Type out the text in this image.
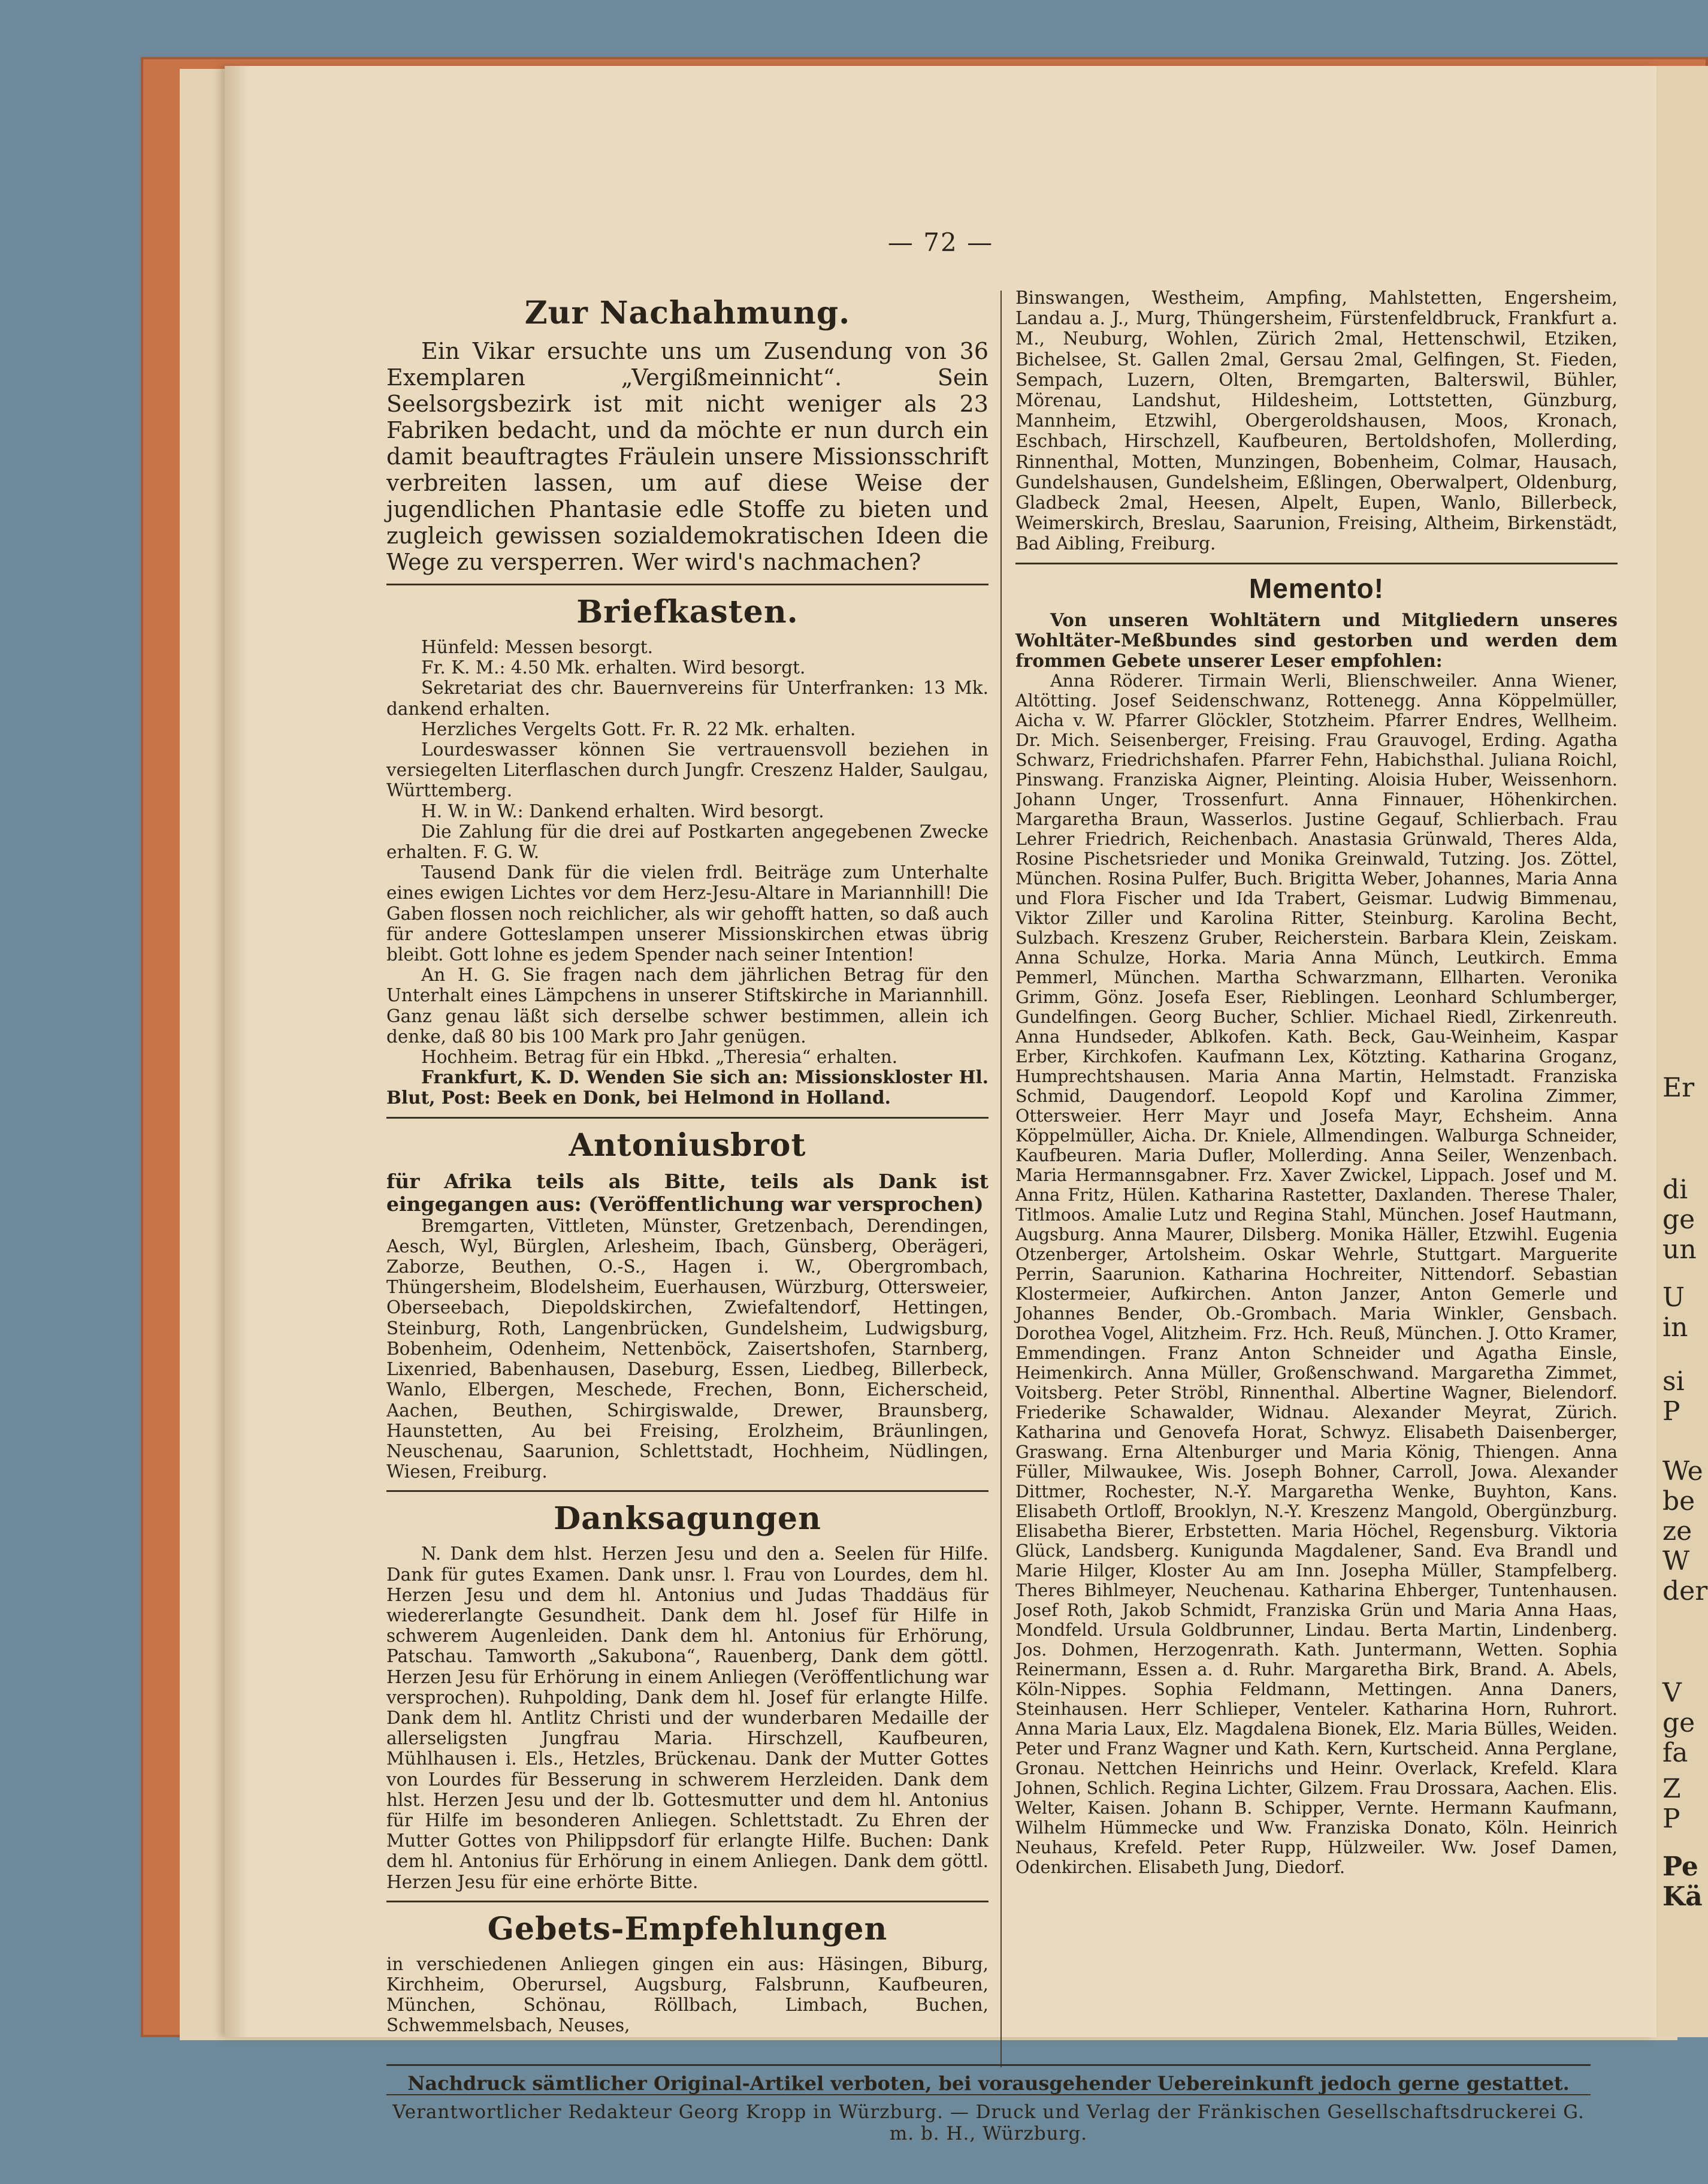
— 72 —
Zur Nachahmung.

Ein Vikar ersuchte uns um Zusendung von 36 Exemplaren „Vergißmeinnicht“. Sein Seelsorgsbezirk ist mit nicht weniger als 23 Fabriken bedacht, und da möchte er nun durch ein damit beauftragtes Fräulein unsere Missionsschrift verbreiten lassen, um auf diese Weise der jugendlichen Phantasie edle Stoffe zu bieten und zugleich gewissen sozialdemokratischen Ideen die Wege zu versperren. Wer wird's nachmachen?

Briefkasten.

Hünfeld: Messen besorgt.

Fr. K. M.: 4.50 Mk. erhalten. Wird besorgt.

Sekretariat des chr. Bauernvereins für Unterfranken: 13 Mk. dankend erhalten.

Herzliches Vergelts Gott. Fr. R. 22 Mk. erhalten.

Lourdeswasser können Sie vertrauensvoll beziehen in versiegelten Literflaschen durch Jungfr. Creszenz Halder, Saulgau, Württemberg.

H. W. in W.: Dankend erhalten. Wird besorgt.

Die Zahlung für die drei auf Postkarten angegebenen Zwecke erhalten. F. G. W.

Tausend Dank für die vielen frdl. Beiträge zum Unterhalte eines ewigen Lichtes vor dem Herz-Jesu-Altare in Mariannhill! Die Gaben flossen noch reichlicher, als wir gehofft hatten, so daß auch für andere Gotteslampen unserer Missionskirchen etwas übrig bleibt. Gott lohne es jedem Spender nach seiner Intention!

An H. G. Sie fragen nach dem jährlichen Betrag für den Unterhalt eines Lämpchens in unserer Stiftskirche in Mariannhill. Ganz genau läßt sich derselbe schwer bestimmen, allein ich denke, daß 80 bis 100 Mark pro Jahr genügen.

Hochheim. Betrag für ein Hbkd. „Theresia“ erhalten.

Frankfurt, K. D. Wenden Sie sich an: Missionskloster Hl. Blut, Post: Beek en Donk, bei Helmond in Holland.

Antoniusbrot

für Afrika teils als Bitte, teils als Dank ist eingegangen aus: (Veröffentlichung war versprochen)

Bremgarten, Vittleten, Münster, Gretzenbach, Derendingen, Aesch, Wyl, Bürglen, Arlesheim, Ibach, Günsberg, Oberägeri, Zaborze, Beuthen, O.-S., Hagen i. W., Obergrombach, Thüngersheim, Blodelsheim, Euerhausen, Würzburg, Ottersweier, Oberseebach, Diepoldskirchen, Zwiefaltendorf, Hettingen, Steinburg, Roth, Langenbrücken, Gundelsheim, Ludwigsburg, Bobenheim, Odenheim, Nettenböck, Zaisertshofen, Starnberg, Lixenried, Babenhausen, Daseburg, Essen, Liedbeg, Billerbeck, Wanlo, Elbergen, Meschede, Frechen, Bonn, Eicherscheid, Aachen, Beuthen, Schirgiswalde, Drewer, Braunsberg, Haunstetten, Au bei Freising, Erolzheim, Bräunlingen, Neuschenau, Saarunion, Schlettstadt, Hochheim, Nüdlingen, Wiesen, Freiburg.

Danksagungen

N. Dank dem hlst. Herzen Jesu und den a. Seelen für Hilfe. Dank für gutes Examen. Dank unsr. l. Frau von Lourdes, dem hl. Herzen Jesu und dem hl. Antonius und Judas Thaddäus für wiedererlangte Gesundheit. Dank dem hl. Josef für Hilfe in schwerem Augenleiden. Dank dem hl. Antonius für Erhörung, Patschau. Tamworth „Sakubona“, Rauenberg, Dank dem göttl. Herzen Jesu für Erhörung in einem Anliegen (Veröffentlichung war versprochen). Ruhpolding, Dank dem hl. Josef für erlangte Hilfe. Dank dem hl. Antlitz Christi und der wunderbaren Medaille der allerseligsten Jungfrau Maria. Hirschzell, Kaufbeuren, Mühlhausen i. Els., Hetzles, Brückenau. Dank der Mutter Gottes von Lourdes für Besserung in schwerem Herzleiden. Dank dem hlst. Herzen Jesu und der lb. Gottesmutter und dem hl. Antonius für Hilfe im besonderen Anliegen. Schlettstadt. Zu Ehren der Mutter Gottes von Philippsdorf für erlangte Hilfe. Buchen: Dank dem hl. Antonius für Erhörung in einem Anliegen. Dank dem göttl. Herzen Jesu für eine erhörte Bitte.

Gebets-Empfehlungen

in verschiedenen Anliegen gingen ein aus: Häsingen, Biburg, Kirchheim, Oberursel, Augsburg, Falsbrunn, Kaufbeuren, München, Schönau, Röllbach, Limbach, Buchen, Schwemmelsbach, Neuses,

Binswangen, Westheim, Ampfing, Mahlstetten, Engersheim, Landau a. J., Murg, Thüngersheim, Fürstenfeldbruck, Frankfurt a. M., Neuburg, Wohlen, Zürich 2mal, Hettenschwil, Etziken, Bichelsee, St. Gallen 2mal, Gersau 2mal, Gelfingen, St. Fieden, Sempach, Luzern, Olten, Bremgarten, Balterswil, Bühler, Mörenau, Landshut, Hildesheim, Lottstetten, Günzburg, Mannheim, Etzwihl, Obergeroldshausen, Moos, Kronach, Eschbach, Hirschzell, Kaufbeuren, Bertoldshofen, Mollerding, Rinnenthal, Motten, Munzingen, Bobenheim, Colmar, Hausach, Gundelshausen, Gundelsheim, Eßlingen, Oberwalpert, Oldenburg, Gladbeck 2mal, Heesen, Alpelt, Eupen, Wanlo, Billerbeck, Weimerskirch, Breslau, Saarunion, Freising, Altheim, Birkenstädt, Bad Aibling, Freiburg.

Memento!

Von unseren Wohltätern und Mitgliedern unseres Wohltäter-Meßbundes sind gestorben und werden dem frommen Gebete unserer Leser empfohlen:

Anna Röderer. Tirmain Werli, Blienschweiler. Anna Wiener, Altötting. Josef Seidenschwanz, Rottenegg. Anna Köppelmüller, Aicha v. W. Pfarrer Glöckler, Stotzheim. Pfarrer Endres, Wellheim. Dr. Mich. Seisenberger, Freising. Frau Grauvogel, Erding. Agatha Schwarz, Friedrichshafen. Pfarrer Fehn, Habichsthal. Juliana Roichl, Pinswang. Franziska Aigner, Pleinting. Aloisia Huber, Weissenhorn. Johann Unger, Trossenfurt. Anna Finnauer, Höhenkirchen. Margaretha Braun, Wasserlos. Justine Gegauf, Schlierbach. Frau Lehrer Friedrich, Reichenbach. Anastasia Grünwald, Theres Alda, Rosine Pischetsrieder und Monika Greinwald, Tutzing. Jos. Zöttel, München. Rosina Pulfer, Buch. Brigitta Weber, Johannes, Maria Anna und Flora Fischer und Ida Trabert, Geismar. Ludwig Bimmenau, Viktor Ziller und Karolina Ritter, Steinburg. Karolina Becht, Sulzbach. Kreszenz Gruber, Reicherstein. Barbara Klein, Zeiskam. Anna Schulze, Horka. Maria Anna Münch, Leutkirch. Emma Pemmerl, München. Martha Schwarzmann, Ellharten. Veronika Grimm, Gönz. Josefa Eser, Rieblingen. Leonhard Schlumberger, Gundelfingen. Georg Bucher, Schlier. Michael Riedl, Zirkenreuth. Anna Hundseder, Ablkofen. Kath. Beck, Gau-Weinheim, Kaspar Erber, Kirchkofen. Kaufmann Lex, Kötzting. Katharina Groganz, Humprechtshausen. Maria Anna Martin, Helmstadt. Franziska Schmid, Daugendorf. Leopold Kopf und Karolina Zimmer, Ottersweier. Herr Mayr und Josefa Mayr, Echsheim. Anna Köppelmüller, Aicha. Dr. Kniele, Allmendingen. Walburga Schneider, Kaufbeuren. Maria Dufler, Mollerding. Anna Seiler, Wenzenbach. Maria Hermannsgabner. Frz. Xaver Zwickel, Lippach. Josef und M. Anna Fritz, Hülen. Katharina Rastetter, Daxlanden. Therese Thaler, Titlmoos. Amalie Lutz und Regina Stahl, München. Josef Hautmann, Augsburg. Anna Maurer, Dilsberg. Monika Häller, Etzwihl. Eugenia Otzenberger, Artolsheim. Oskar Wehrle, Stuttgart. Marguerite Perrin, Saarunion. Katharina Hochreiter, Nittendorf. Sebastian Klostermeier, Aufkirchen. Anton Janzer, Anton Gemerle und Johannes Bender, Ob.-Grombach. Maria Winkler, Gensbach. Dorothea Vogel, Alitzheim. Frz. Hch. Reuß, München. J. Otto Kramer, Emmendingen. Franz Anton Schneider und Agatha Einsle, Heimenkirch. Anna Müller, Großenschwand. Margaretha Zimmet, Voitsberg. Peter Ströbl, Rinnenthal. Albertine Wagner, Bielendorf. Friederike Schawalder, Widnau. Alexander Meyrat, Zürich. Katharina und Genovefa Horat, Schwyz. Elisabeth Daisenberger, Graswang. Erna Altenburger und Maria König, Thiengen. Anna Füller, Milwaukee, Wis. Joseph Bohner, Carroll, Jowa. Alexander Dittmer, Rochester, N.-Y. Margaretha Wenke, Buyhton, Kans. Elisabeth Ortloff, Brooklyn, N.-Y. Kreszenz Mangold, Obergünzburg. Elisabetha Bierer, Erbstetten. Maria Höchel, Regensburg. Viktoria Glück, Landsberg. Kunigunda Magdalener, Sand. Eva Brandl und Marie Hilger, Kloster Au am Inn. Josepha Müller, Stampfelberg. Theres Bihlmeyer, Neuchenau. Katharina Ehberger, Tuntenhausen. Josef Roth, Jakob Schmidt, Franziska Grün und Maria Anna Haas, Mondfeld. Ursula Goldbrunner, Lindau. Berta Martin, Lindenberg. Jos. Dohmen, Herzogenrath. Kath. Juntermann, Wetten. Sophia Reinermann, Essen a. d. Ruhr. Margaretha Birk, Brand. A. Abels, Köln-Nippes. Sophia Feldmann, Mettingen. Anna Daners, Steinhausen. Herr Schlieper, Venteler. Katharina Horn, Ruhrort. Anna Maria Laux, Elz. Magdalena Bionek, Elz. Maria Bülles, Weiden. Peter und Franz Wagner und Kath. Kern, Kurtscheid. Anna Perglane, Gronau. Nettchen Heinrichs und Heinr. Overlack, Krefeld. Klara Johnen, Schlich. Regina Lichter, Gilzem. Frau Drossara, Aachen. Elis. Welter, Kaisen. Johann B. Schipper, Vernte. Hermann Kaufmann, Wilhelm Hümmecke und Ww. Franziska Donato, Köln. Heinrich Neuhaus, Krefeld. Peter Rupp, Hülzweiler. Ww. Josef Damen, Odenkirchen. Elisabeth Jung, Diedorf.

Nachdruck sämtlicher Original-Artikel verboten, bei vorausgehender Uebereinkunft jedoch gerne gestattet.
Verantwortlicher Redakteur Georg Kropp in Würzburg. — Druck und Verlag der Fränkischen Gesellschaftsdruckerei G. m. b. H., Würzburg.
Er
di
ge
un
U
in
si
P
We
be
ze
W
der
V
ge
fa
Z
P
Pe
Kä
